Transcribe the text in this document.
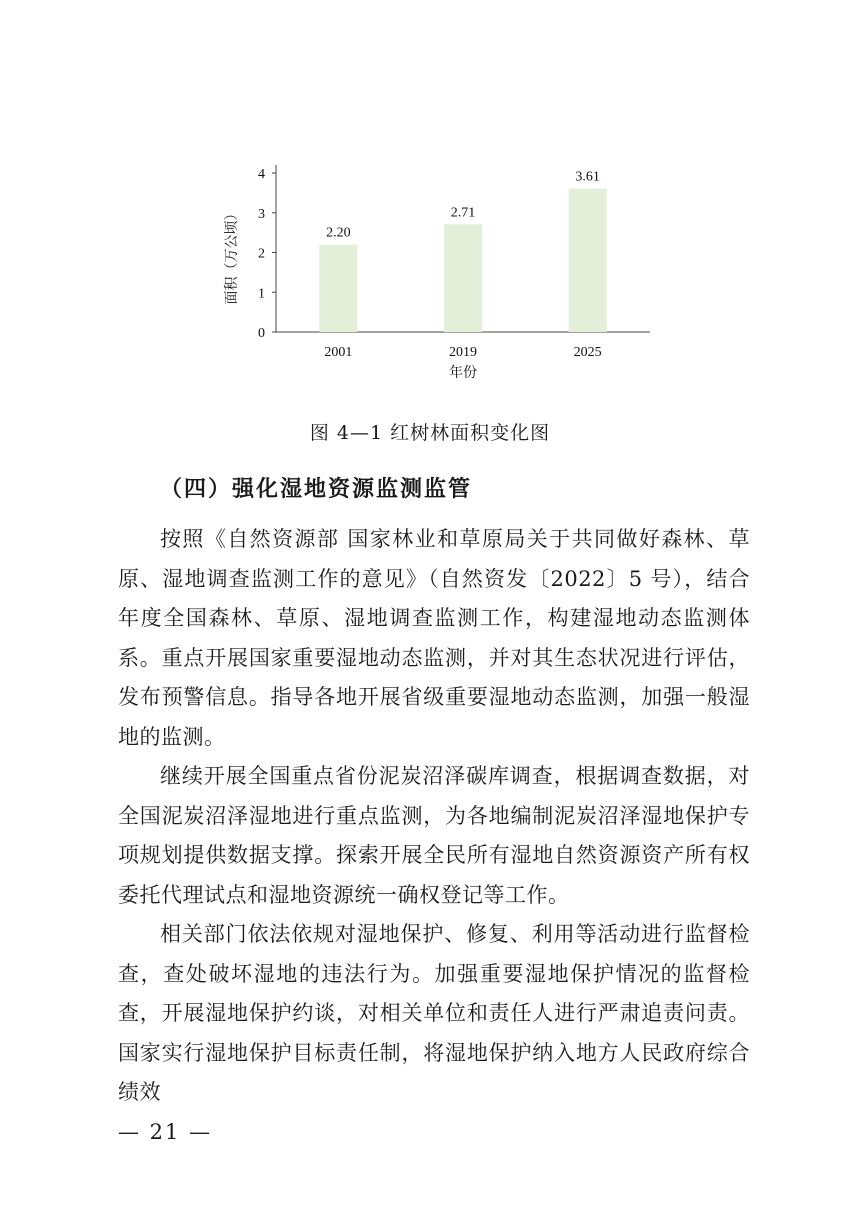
0
1
2
3
4
2.20
2001
2.71
2019
3.61
2025
年份
面积（万公顷）
图 4—1 红树林面积变化图
（四）强化湿地资源监测监管

按照《自然资源部 国家林业和草原局关于共同做好森林、草原、湿地调查监测工作的意见》（自然资发〔2022〕5 号），结合年度全国森林、草原、湿地调查监测工作，构建湿地动态监测体系。重点开展国家重要湿地动态监测，并对其生态状况进行评估，发布预警信息。指导各地开展省级重要湿地动态监测，加强一般湿地的监测。

继续开展全国重点省份泥炭沼泽碳库调查，根据调查数据，对全国泥炭沼泽湿地进行重点监测，为各地编制泥炭沼泽湿地保护专项规划提供数据支撑。探索开展全民所有湿地自然资源资产所有权委托代理试点和湿地资源统一确权登记等工作。

相关部门依法依规对湿地保护、修复、利用等活动进行监督检查，查处破坏湿地的违法行为。加强重要湿地保护情况的监督检查，开展湿地保护约谈，对相关单位和责任人进行严肃追责问责。国家实行湿地保护目标责任制，将湿地保护纳入地方人民政府综合绩效

— 21 —
